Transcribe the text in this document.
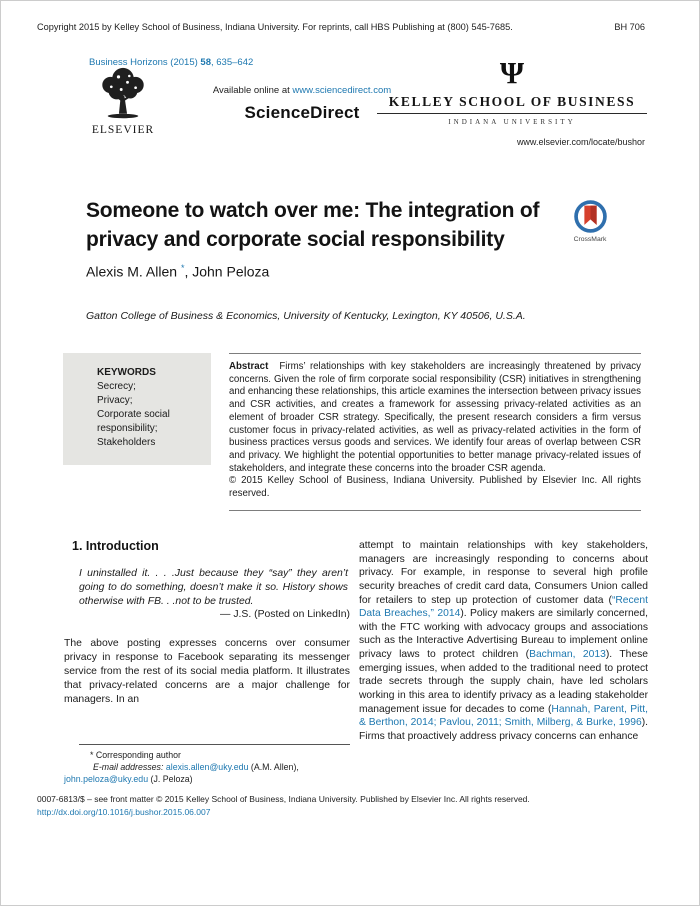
Copyright 2015 by Kelley School of Business, Indiana University. For reprints, call HBS Publishing at (800) 545-7685.	BH 706
Business Horizons (2015) 58, 635–642
ELSEVIER
Available online at www.sciencedirect.com
ScienceDirect
Ψ
KELLEY SCHOOL OF BUSINESS
INDIANA UNIVERSITY
www.elsevier.com/locate/bushor
Someone to watch over me: The integration of
privacy and corporate social responsibility	CrossMark
Alexis M. Allen *, John Peloza
Gatton College of Business & Economics, University of Kentucky, Lexington, KY 40506, U.S.A.
KEYWORDS
Secrecy;
Privacy;
Corporate social responsibility;
Stakeholders
Abstract Firms’ relationships with key stakeholders are increasingly threatened by privacy concerns. Given the role of firm corporate social responsibility (CSR) initiatives in strengthening and enhancing these relationships, this article examines the intersection between privacy issues and CSR activities, and creates a framework for assessing privacy-related activities as an element of broader CSR strategy. Specifically, the present research considers a firm versus customer focus in privacy-related activities, as well as privacy-related activities in the form of business practices versus goods and services. We identify four areas of overlap between CSR and privacy. We highlight the potential opportunities to better manage privacy-related issues of stakeholders, and integrate these concerns into the broader CSR agenda.
© 2015 Kelley School of Business, Indiana University. Published by Elsevier Inc. All rights reserved.
1. Introduction
I uninstalled it. . . .Just because they “say” they aren’t going to do something, doesn’t make it so. History shows otherwise with FB. . .not to be trusted.
— J.S. (Posted on LinkedIn)

The above posting expresses concerns over consumer privacy in response to Facebook separating its messenger service from the rest of its social media platform. It illustrates that privacy-related concerns are a major challenge for managers. In an

attempt to maintain relationships with key stakeholders, managers are increasingly responding to concerns about privacy. For example, in response to several high profile security breaches of credit card data, Consumers Union called for retailers to step up protection of customer data (“Recent Data Breaches,” 2014). Policy makers are similarly concerned, with the FTC working with advocacy groups and associations such as the Interactive Advertising Bureau to implement online privacy laws to protect children (Bachman, 2013). These emerging issues, when added to the traditional need to protect trade secrets through the supply chain, have led scholars working in this area to identify privacy as a leading stakeholder management issue for decades to come (Hannah, Parent, Pitt, & Berthon, 2014; Pavlou, 2011; Smith, Milberg, & Burke, 1996). Firms that proactively address privacy concerns can enhance
* Corresponding author
E-mail addresses: alexis.allen@uky.edu (A.M. Allen), john.peloza@uky.edu (J. Peloza)
0007-6813/$ – see front matter © 2015 Kelley School of Business, Indiana University. Published by Elsevier Inc. All rights reserved.
http://dx.doi.org/10.1016/j.bushor.2015.06.007
